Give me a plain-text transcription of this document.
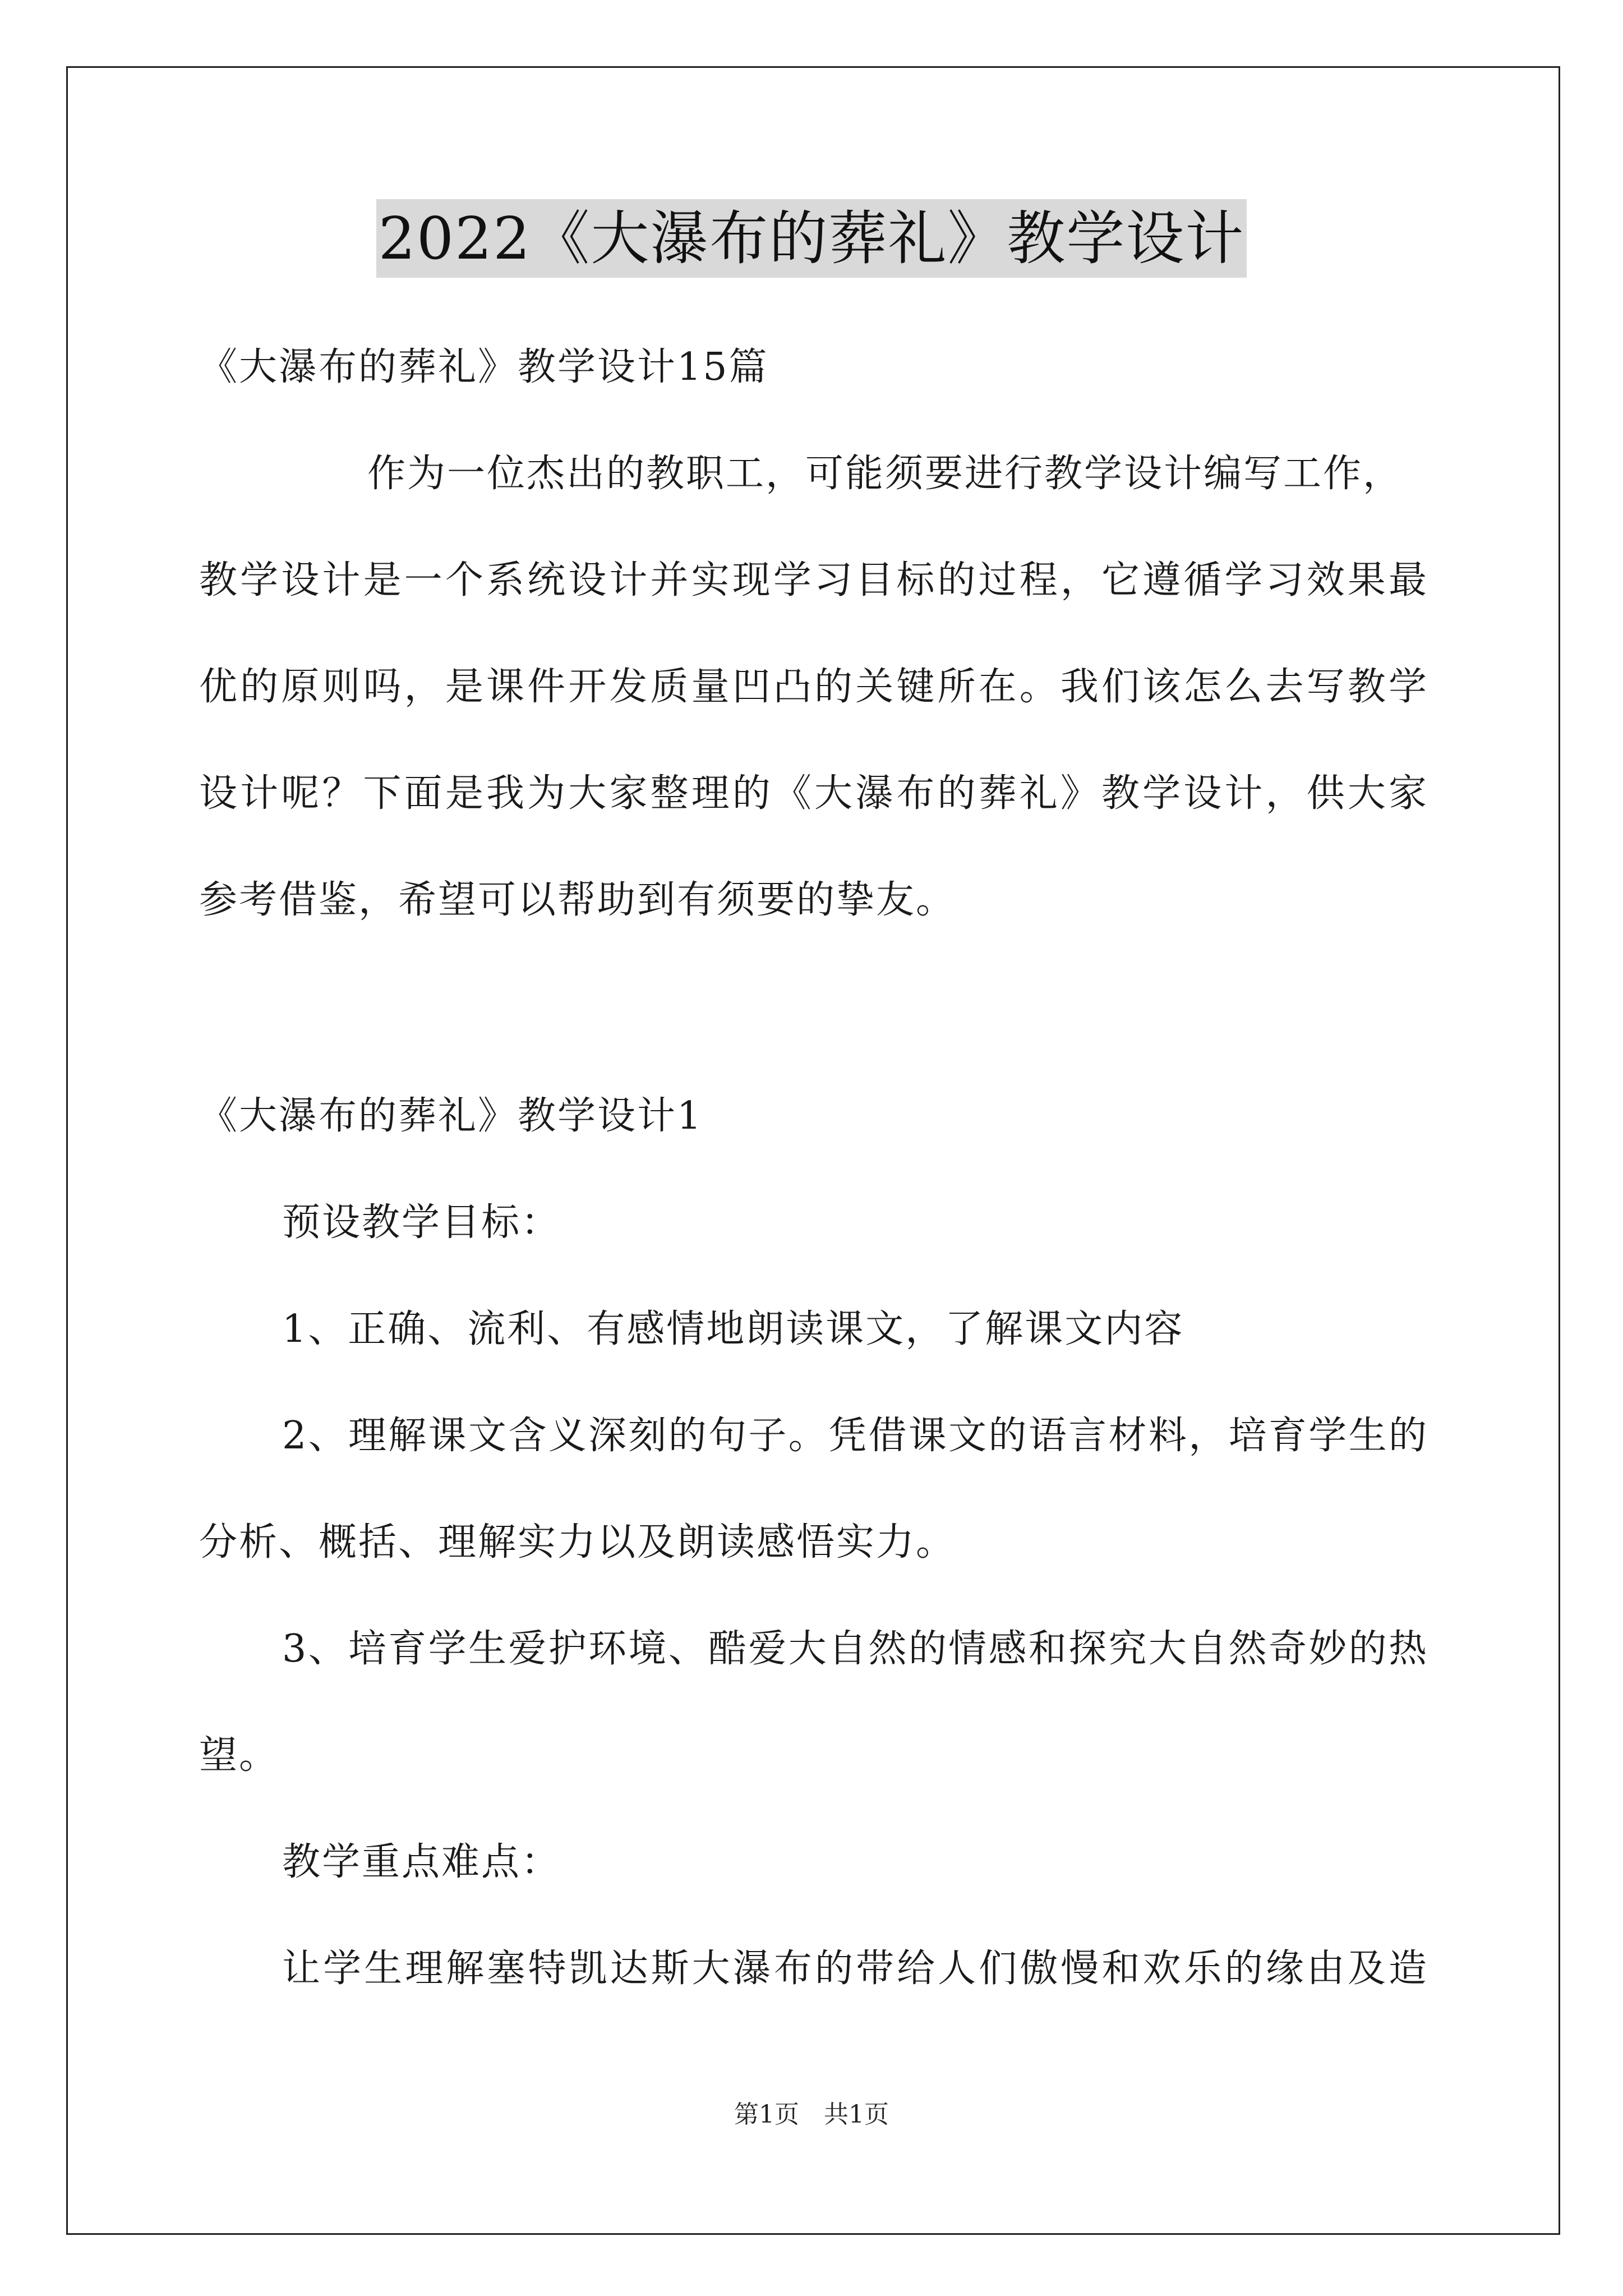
2022《大瀑布的葬礼》教学设计
《大瀑布的葬礼》教学设计15篇
作为一位杰出的教职工，可能须要进行教学设计编写工作，
教学设计是一个系统设计并实现学习目标的过程，它遵循学习效果最
优的原则吗，是课件开发质量凹凸的关键所在。我们该怎么去写教学
设计呢？下面是我为大家整理的《大瀑布的葬礼》教学设计，供大家
参考借鉴，希望可以帮助到有须要的挚友。
《大瀑布的葬礼》教学设计1
预设教学目标：
1、正确、流利、有感情地朗读课文，了解课文内容
2、理解课文含义深刻的句子。凭借课文的语言材料，培育学生的
分析、概括、理解实力以及朗读感悟实力。
3、培育学生爱护环境、酷爱大自然的情感和探究大自然奇妙的热
望。
教学重点难点：
让学生理解塞特凯达斯大瀑布的带给人们傲慢和欢乐的缘由及造
第1页 共1页
